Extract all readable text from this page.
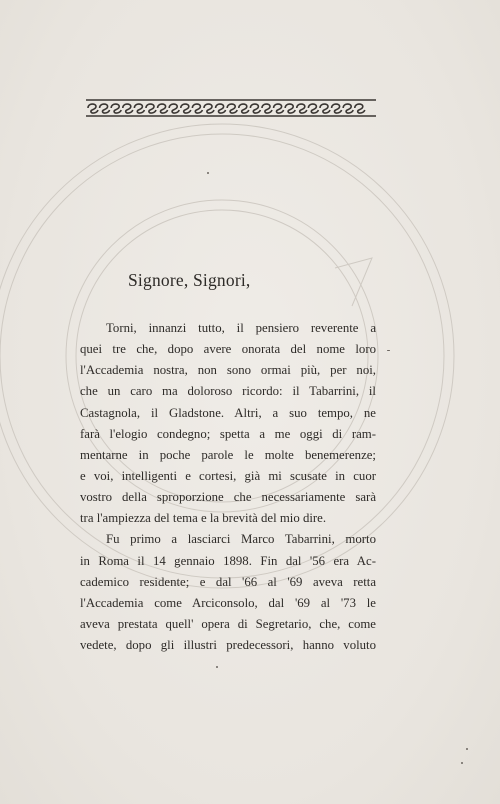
Signore, Signori,
Torni, innanzi tutto, il pensiero reverente a
quei tre che, dopo avere onorata del nome loro
l'Accademia nostra, non sono ormai più, per noi,
che un caro ma doloroso ricordo: il Tabarrini, il
Castagnola, il Gladstone. Altri, a suo tempo, ne
farà l'elogio condegno; spetta a me oggi di ram-
mentarne in poche parole le molte benemerenze;
e voi, intelligenti e cortesi, già mi scusate in cuor
vostro della sproporzione che necessariamente sarà
tra l'ampiezza del tema e la brevità del mio dire.
Fu primo a lasciarci Marco Tabarrini, morto
in Roma il 14 gennaio 1898. Fin dal '56 era Ac-
cademico residente; e dal '66 al '69 aveva retta
l'Accademia come Arciconsolo, dal '69 al '73 le
aveva prestata quell' opera di Segretario, che, come
vedete, dopo gli illustri predecessori, hanno voluto
